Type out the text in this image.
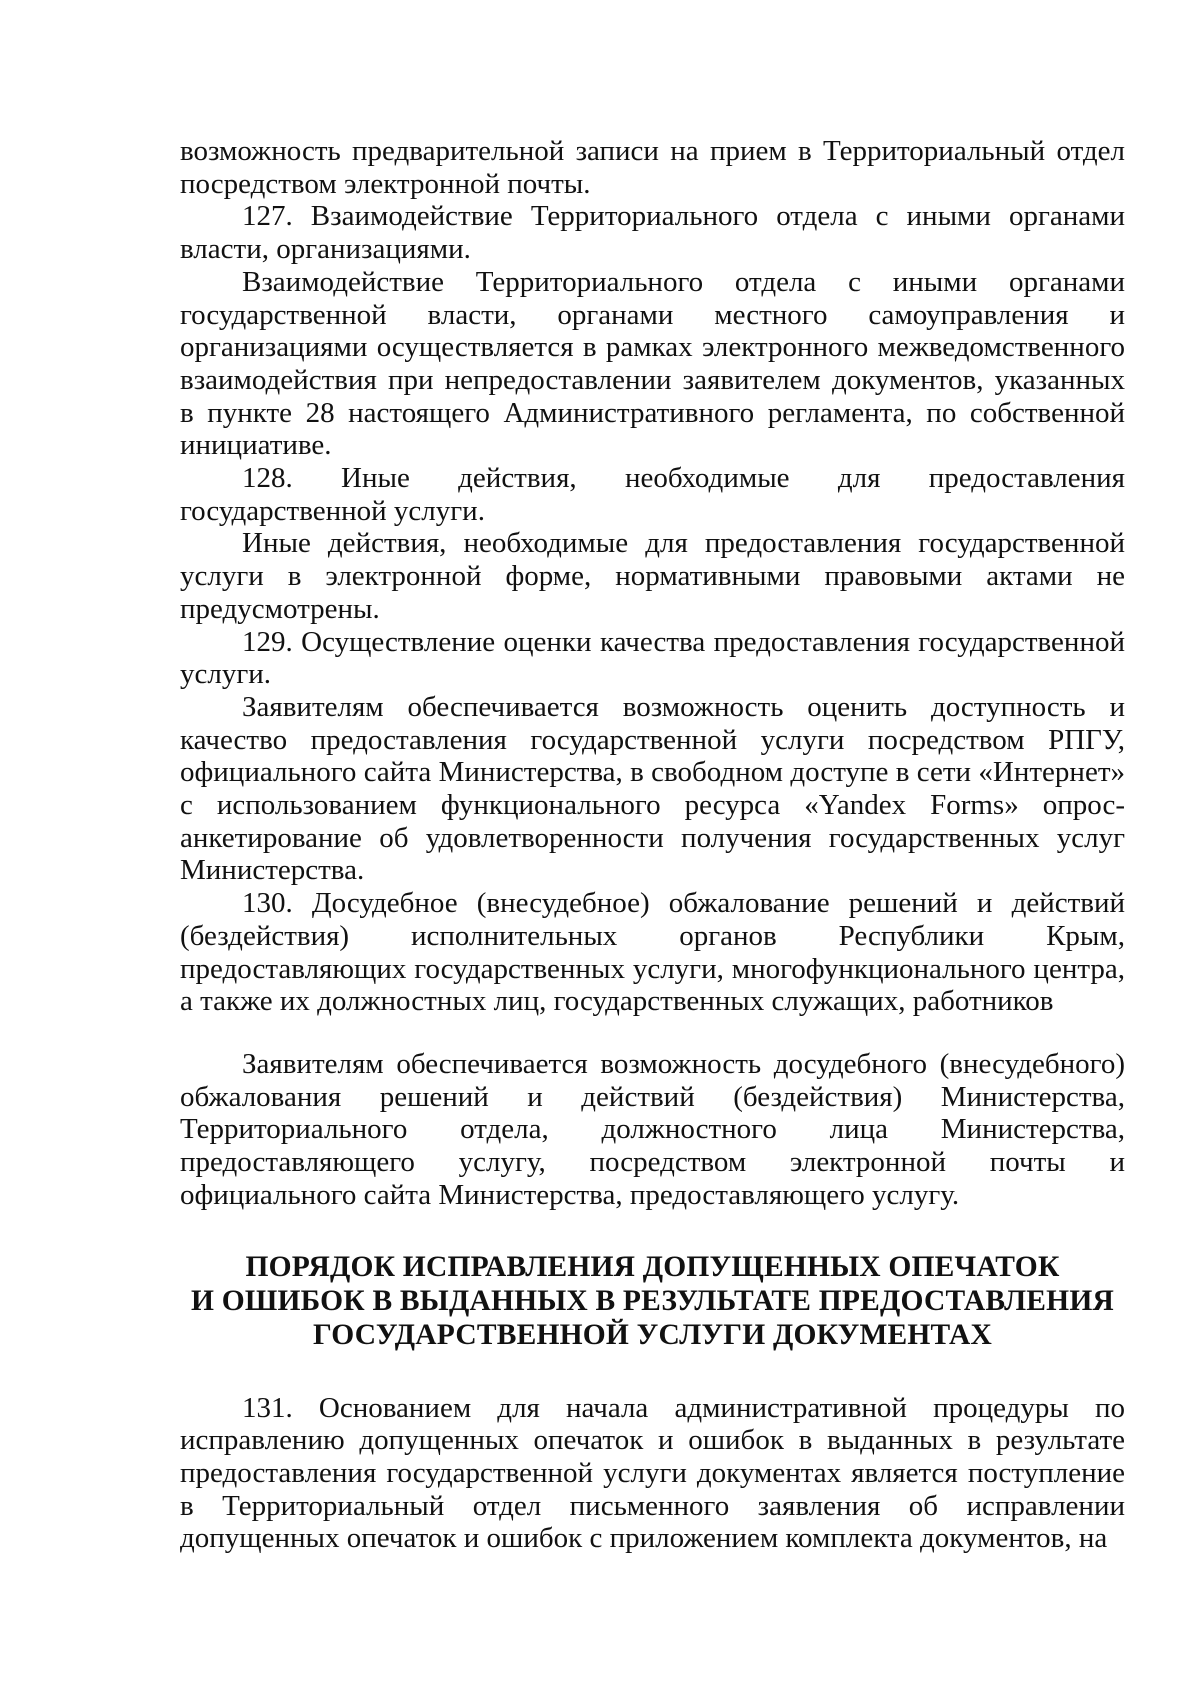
возможность предварительной записи на прием в Территориальный отдел посредством электронной почты.

127. Взаимодействие Территориального отдела с иными органами власти, организациями.

Взаимодействие Территориального отдела с иными органами государственной власти, органами местного самоуправления и организациями осуществляется в рамках электронного межведомственного взаимодействия при непредоставлении заявителем документов, указанных в пункте 28 настоящего Административного регламента, по собственной инициативе.

128. Иные действия, необходимые для предоставления государственной услуги.

Иные действия, необходимые для предоставления государственной услуги в электронной форме, нормативными правовыми актами не предусмотрены.

129. Осуществление оценки качества предоставления государственной услуги.

Заявителям обеспечивается возможность оценить доступность и качество предоставления государственной услуги посредством РПГУ, официального сайта Министерства, в свободном доступе в сети «Интернет» с использованием функционального ресурса «Yandex Forms» опрос-анкетирование об удовлетворенности получения государственных услуг Министерства.

130. Досудебное (внесудебное) обжалование решений и действий (бездействия) исполнительных органов Республики Крым, предоставляющих государственных услуги, многофункционального центра, а также их должностных лиц, государственных служащих, работников

Заявителям обеспечивается возможность досудебного (внесудебного) обжалования решений и действий (бездействия) Министерства, Территориального отдела, должностного лица Министерства, предоставляющего услугу, посредством электронной почты и официального сайта Министерства, предоставляющего услугу.

ПОРЯДОК ИСПРАВЛЕНИЯ ДОПУЩЕННЫХ ОПЕЧАТОК
И ОШИБОК В ВЫДАННЫХ В РЕЗУЛЬТАТЕ ПРЕДОСТАВЛЕНИЯ
ГОСУДАРСТВЕННОЙ УСЛУГИ ДОКУМЕНТАХ

131. Основанием для начала административной процедуры по исправлению допущенных опечаток и ошибок в выданных в результате предоставления государственной услуги документах является поступление в Территориальный отдел письменного заявления об исправлении допущенных опечаток и ошибок с приложением комплекта документов, на
